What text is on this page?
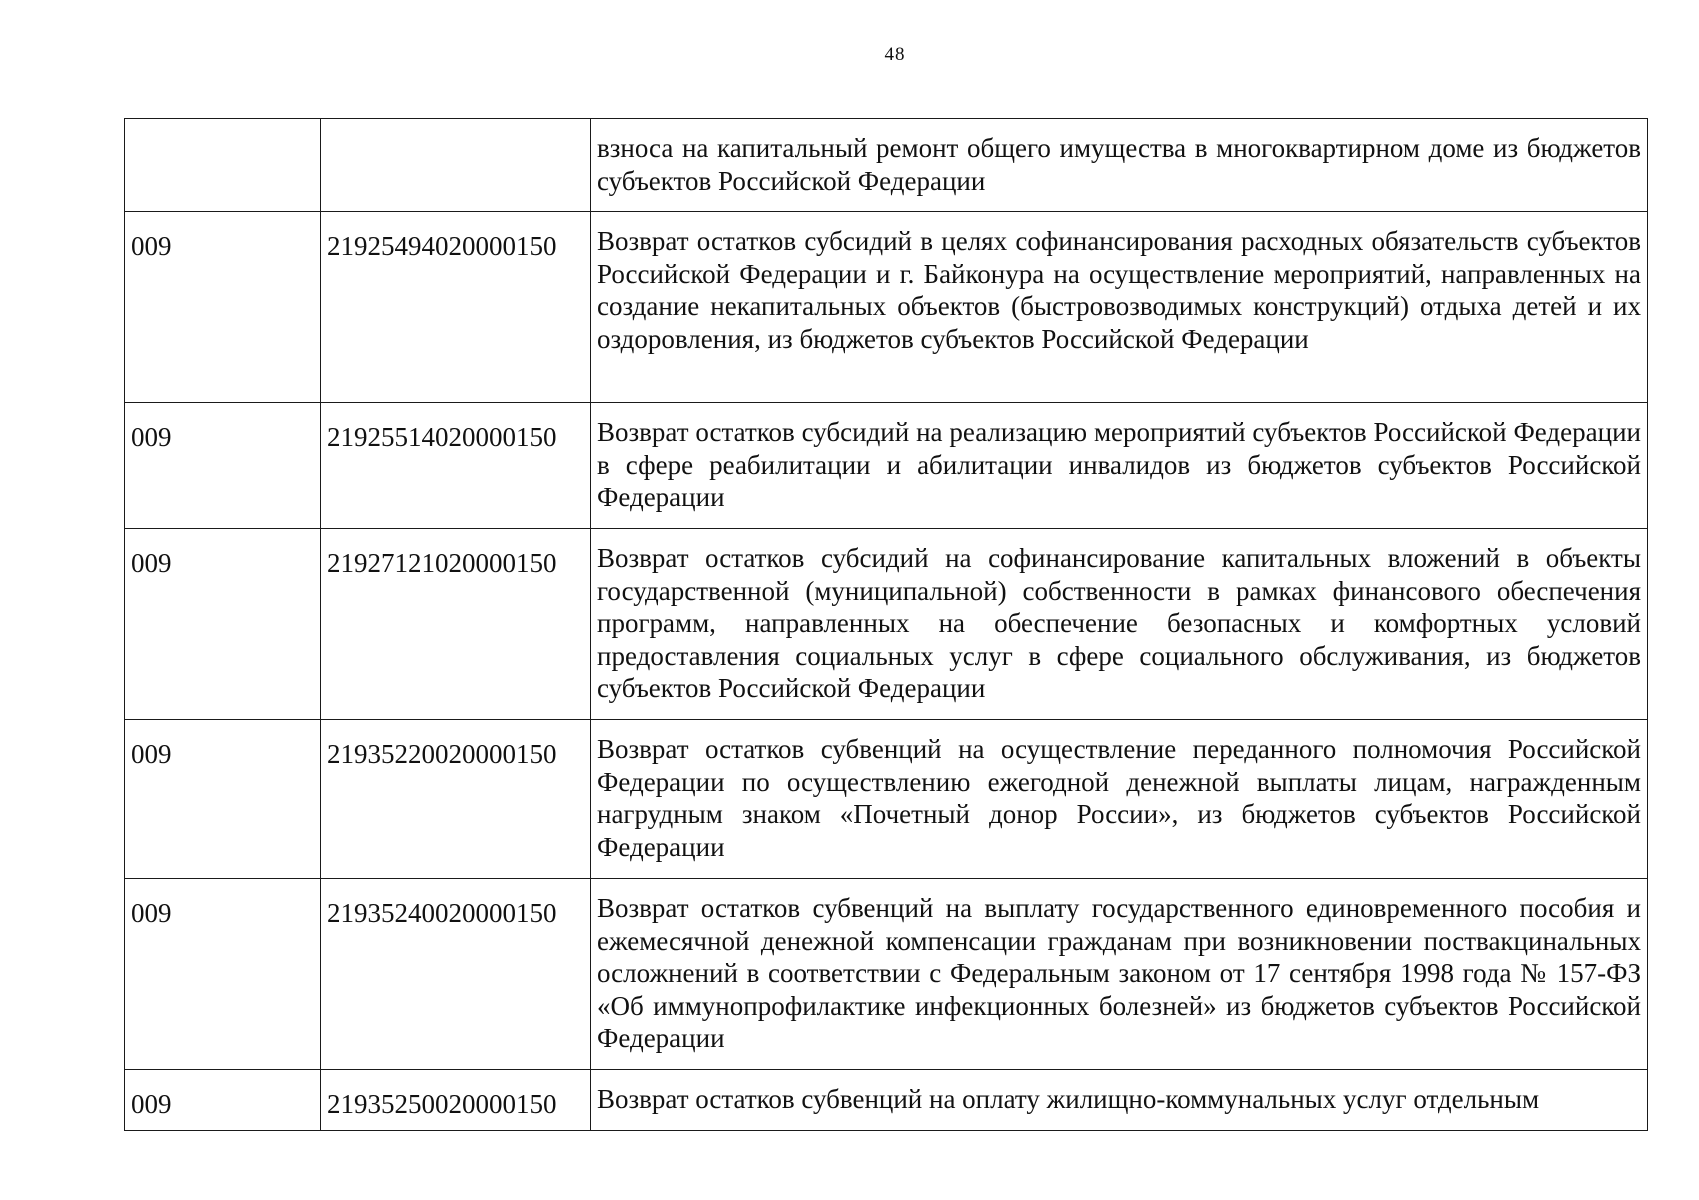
48
		взноса на капитальный ремонт общего имущества в многоквартирном доме из бюджетов субъектов Российской Федерации
009	21925494020000150	Возврат остатков субсидий в целях софинансирования расходных обязательств субъектов Российской Федерации и г. Байконура на осуществление мероприятий, направленных на создание некапитальных объектов (быстровозводимых конструкций) отдыха детей и их оздоровления, из бюджетов субъектов Российской Федерации
009	21925514020000150	Возврат остатков субсидий на реализацию мероприятий субъектов Российской Федерации в сфере реабилитации и абилитации инвалидов из бюджетов субъектов Российской Федерации
009	21927121020000150	Возврат остатков субсидий на софинансирование капитальных вложений в объекты государственной (муниципальной) собственности в рамках финансового обеспечения программ, направленных на обеспечение безопасных и комфортных условий предоставления социальных услуг в сфере социального обслуживания, из бюджетов субъектов Российской Федерации
009	21935220020000150	Возврат остатков субвенций на осуществление переданного полномочия Российской Федерации по осуществлению ежегодной денежной выплаты лицам, награжденным нагрудным знаком «Почетный донор России», из бюджетов субъектов Российской Федерации
009	21935240020000150	Возврат остатков субвенций на выплату государственного единовременного пособия и ежемесячной денежной компенсации гражданам при возникновении поствакцинальных осложнений в соответствии с Федеральным законом от 17 сентября 1998 года № 157-ФЗ «Об иммунопрофилактике инфекционных болезней» из бюджетов субъектов Российской Федерации
009	21935250020000150	Возврат остатков субвенций на оплату жилищно-коммунальных услуг отдельным
